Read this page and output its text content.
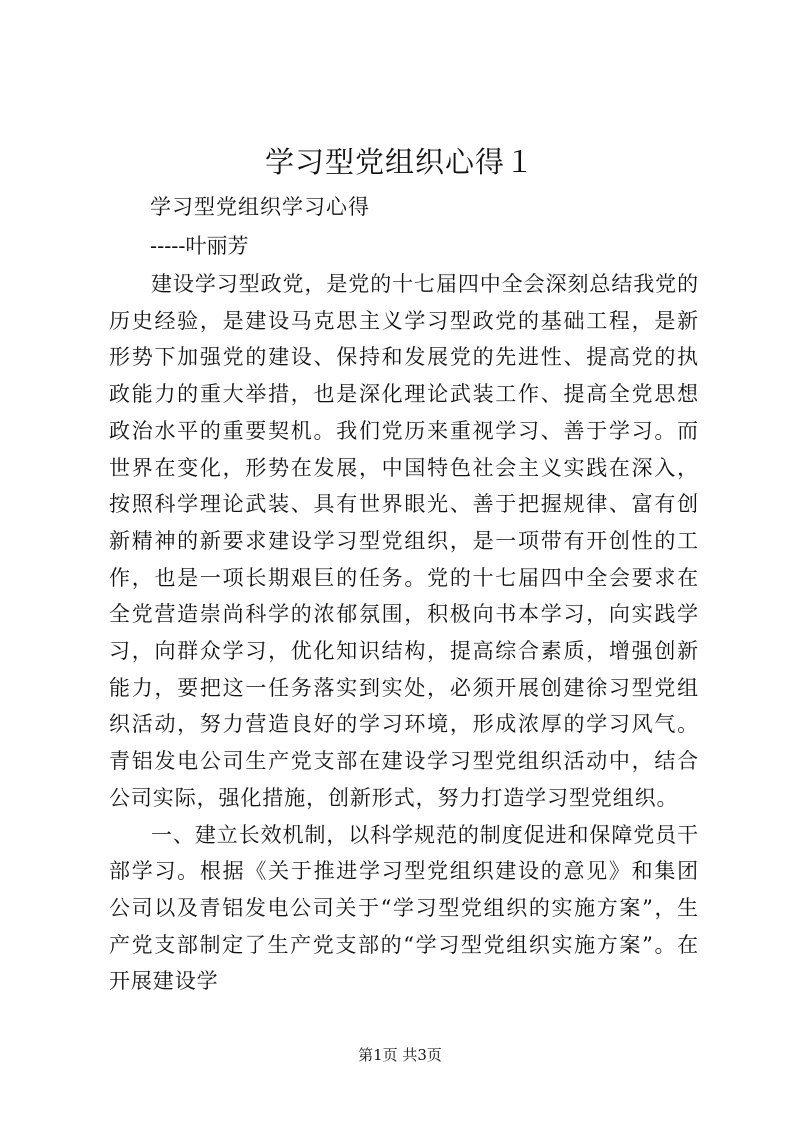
学习型党组织心得１

学习型党组织学习心得

-----叶丽芳

建设学习型政党，是党的十七届四中全会深刻总结我党的历史经验，是建设马克思主义学习型政党的基础工程，是新形势下加强党的建设、保持和发展党的先进性、提高党的执政能力的重大举措，也是深化理论武装工作、提高全党思想政治水平的重要契机。我们党历来重视学习、善于学习。而世界在变化，形势在发展，中国特色社会主义实践在深入，按照科学理论武装、具有世界眼光、善于把握规律、富有创新精神的新要求建设学习型党组织，是一项带有开创性的工作，也是一项长期艰巨的任务。党的十七届四中全会要求在全党营造崇尚科学的浓郁氛围，积极向书本学习，向实践学习，向群众学习，优化知识结构，提高综合素质，增强创新能力，要把这一任务落实到实处，必须开展创建徐习型党组织活动，努力营造良好的学习环境，形成浓厚的学习风气。青铝发电公司生产党支部在建设学习型党组织活动中，结合公司实际，强化措施，创新形式，努力打造学习型党组织。

一、建立长效机制，以科学规范的制度促进和保障党员干部学习。根据《关于推进学习型党组织建设的意见》和集团公司以及青铝发电公司关于“学习型党组织的实施方案”，生产党支部制定了生产党支部的“学习型党组织实施方案”。在开展建设学

第1页 共3页
